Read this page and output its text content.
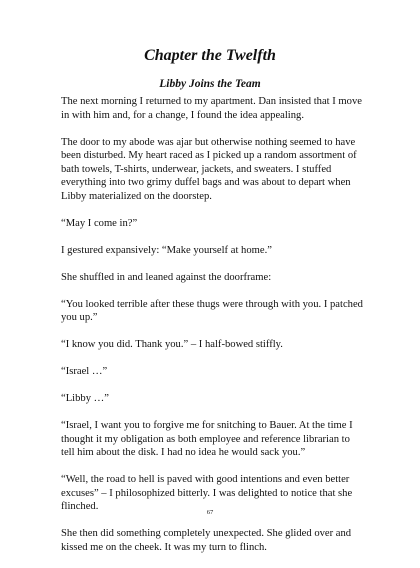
Chapter the Twelfth
Libby Joins the Team

The next morning I returned to my apartment. Dan insisted that I move in with him and, for a change, I found the idea appealing.

The door to my abode was ajar but otherwise nothing seemed to have been disturbed. My heart raced as I picked up a random assortment of bath towels, T-shirts, underwear, jackets, and sweaters. I stuffed everything into two grimy duffel bags and was about to depart when Libby materialized on the doorstep.

“May I come in?”

I gestured expansively: “Make yourself at home.”

She shuffled in and leaned against the doorframe:

“You looked terrible after these thugs were through with you. I patched you up.”

“I know you did. Thank you.” – I half-bowed stiffly.

“Israel …”

“Libby …”

“Israel, I want you to forgive me for snitching to Bauer. At the time I thought it my obligation as both employee and reference librarian to tell him about the disk. I had no idea he would sack you.”

“Well, the road to hell is paved with good intentions and even better excuses” – I philosophized bitterly. I was delighted to notice that she flinched.

She then did something completely unexpected. She glided over and kissed me on the cheek. It was my turn to flinch.

67
